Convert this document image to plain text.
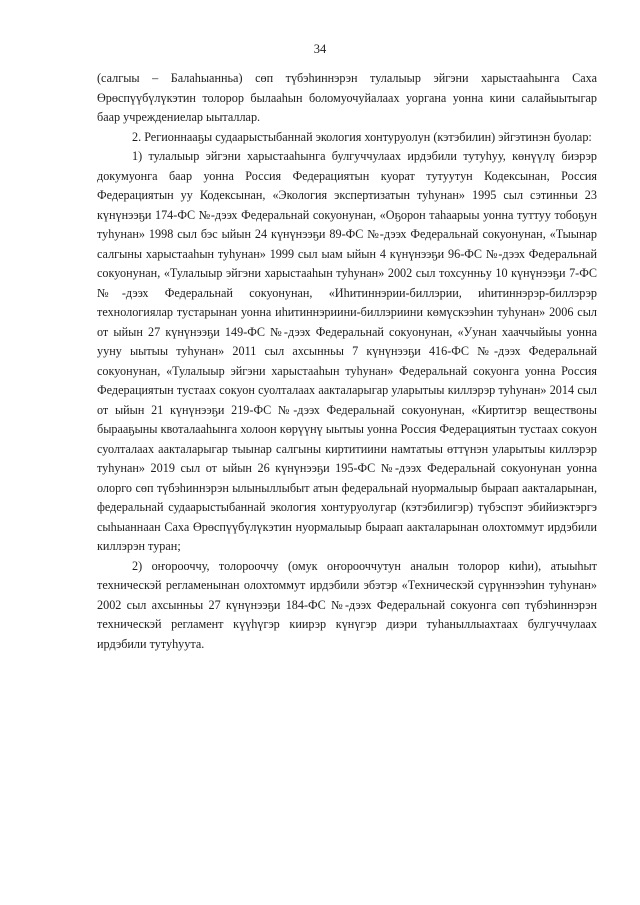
34

(салгыы – Балаһыанньа) сөп түбэһиннэрэн тулалыыр эйгэни харыстааһынга Саха Өрөспүүбүлүкэтин толорор былааһын боломуочуйалаах уоргана уонна кини салайыытыгар баар учреждениелар ыыталлар.

2. Регионнааҕы судаарыстыбаннай экология хонтуруолун (кэтэбилин) эйгэтинэн буолар:

1) тулалыыр эйгэни харыстааһынга булгуччулаах ирдэбили тутуһуу, көнүүлү биэрэр докумуонга баар уонна Россия Федерациятын куорат тутуутун Кодексынан, Россия Федерациятын уу Кодексынан, «Экология экспертизатын туһунан» 1995 сыл сэтинньи 23 күнүнээҕи 174-ФС №-дээх Федеральнай сокуонунан, «Оҕорон таһаарыы уонна туттуу тобоҕун туһунан» 1998 сыл бэс ыйын 24 күнүнээҕи 89-ФС №-дээх Федеральнай сокуонунан, «Тыынар салгыны харыстааһын туһунан» 1999 сыл ыам ыйын 4 күнүнээҕи 96-ФС №-дээх Федеральнай сокуонунан, «Тулалыыр эйгэни харыстааһын туһунан» 2002 сыл тохсунньу 10 күнүнээҕи 7-ФС №-дээх Федеральнай сокуонунан, «Иһитиннэрии-биллэрии, иһитиннэрэр-биллэрэр технологиялар тустарынан уонна иһитиннэриини-биллэриини көмүскээһин туһунан» 2006 сыл от ыйын 27 күнүнээҕи 149-ФС №-дээх Федеральнай сокуонунан, «Уунан хааччыйыы уонна ууну ыытыы туһунан» 2011 сыл ахсынньы 7 күнүнээҕи 416-ФС №-дээх Федеральнай сокуонунан, «Тулалыыр эйгэни харыстааһын туһунан» Федеральнай сокуонга уонна Россия Федерациятын тустаах сокуон суолталаах аакталарыгар уларытыы киллэрэр туһунан» 2014 сыл от ыйын 21 күнүнээҕи 219-ФС №-дээх Федеральнай сокуонунан, «Киртитэр веществоны бырааҕыны квоталааһынга холоон көрүүнү ыытыы уонна Россия Федерациятын тустаах сокуон суолталаах аакталарыгар тыынар салгыны киртитиини намтатыы өттүнэн уларытыы киллэрэр туһунан» 2019 сыл от ыйын 26 күнүнээҕи 195-ФС №-дээх Федеральнай сокуонунан уонна олорго сөп түбэһиннэрэн ылыныллыбыт атын федеральнай нуормалыыр быраап аакталарынан, федеральнай судаарыстыбаннай экология хонтуруолугар (кэтэбилигэр) түбэспэт эбийиэктэргэ сыһыаннаан Саха Өрөспүүбүлүкэтин нуормалыыр быраап аакталарынан олохтоммут ирдэбили киллэрэн туран;

2) оҥорооччу, толорооччу (омук оҥорооччутун аналын толорор киһи), атыыһыт техническэй регламенынан олохтоммут ирдэбили эбэтэр «Техническэй сүрүннээһин туһунан» 2002 сыл ахсынньы 27 күнүнээҕи 184-ФС №-дээх Федеральнай сокуонга сөп түбэһиннэрэн техническэй регламент күүһүгэр киирэр күнүгэр диэри туһаныллыахтаах булгуччулаах ирдэбили тутуһуута.
